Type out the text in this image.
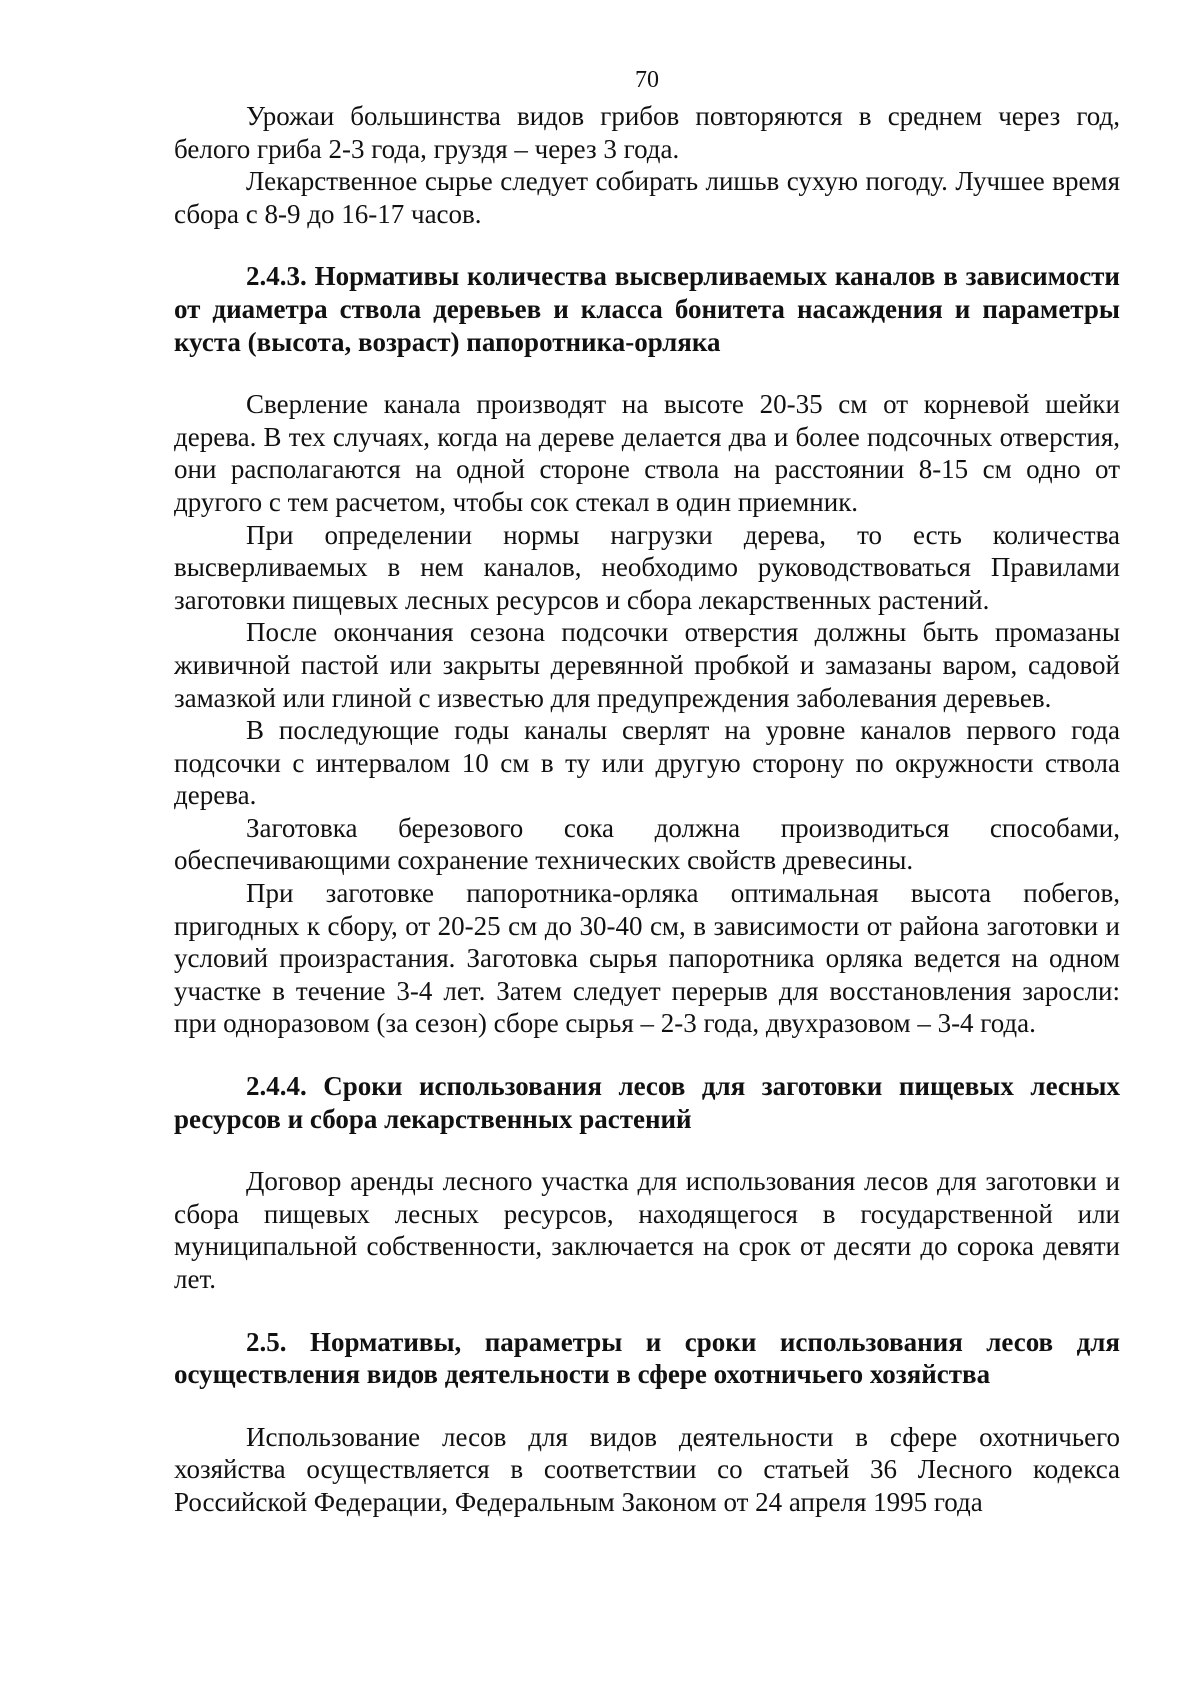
70

Урожаи большинства видов грибов повторяются в среднем через год, белого гриба 2-3 года, груздя – через 3 года.

Лекарственное сырье следует собирать лишьв сухую погоду. Лучшее время сбора с 8-9 до 16-17 часов.

2.4.3. Нормативы количества высверливаемых каналов в зависимости от диаметра ствола деревьев и класса бонитета насаждения и параметры куста (высота, возраст) папоротника-орляка

Сверление канала производят на высоте 20-35 см от корневой шейки дерева. В тех случаях, когда на дереве делается два и более подсочных отверстия, они располагаются на одной стороне ствола на расстоянии 8-15 см одно от другого с тем расчетом, чтобы сок стекал в один приемник.

При определении нормы нагрузки дерева, то есть количества высверливаемых в нем каналов, необходимо руководствоваться Правилами заготовки пищевых лесных ресурсов и сбора лекарственных растений.

После окончания сезона подсочки отверстия должны быть промазаны живичной пастой или закрыты деревянной пробкой и замазаны варом, садовой замазкой или глиной с известью для предупреждения заболевания деревьев.

В последующие годы каналы сверлят на уровне каналов первого года подсочки с интервалом 10 см в ту или другую сторону по окружности ствола дерева.

Заготовка березового сока должна производиться способами, обеспечивающими сохранение технических свойств древесины.

При заготовке папоротника-орляка оптимальная высота побегов, пригодных к сбору, от 20-25 см до 30-40 см, в зависимости от района заготовки и условий произрастания. Заготовка сырья папоротника орляка ведется на одном участке в течение 3-4 лет. Затем следует перерыв для восстановления заросли: при одноразовом (за сезон) сборе сырья – 2-3 года, двухразовом – 3-4 года.

2.4.4. Сроки использования лесов для заготовки пищевых лесных ресурсов и сбора лекарственных растений

Договор аренды лесного участка для использования лесов для заготовки и сбора пищевых лесных ресурсов, находящегося в государственной или муниципальной собственности, заключается на срок от десяти до сорока девяти лет.

2.5. Нормативы, параметры и сроки использования лесов для осуществления видов деятельности в сфере охотничьего хозяйства

Использование лесов для видов деятельности в сфере охотничьего хозяйства осуществляется в соответствии со статьей 36 Лесного кодекса Российской Федерации, Федеральным Законом от 24 апреля 1995 года
